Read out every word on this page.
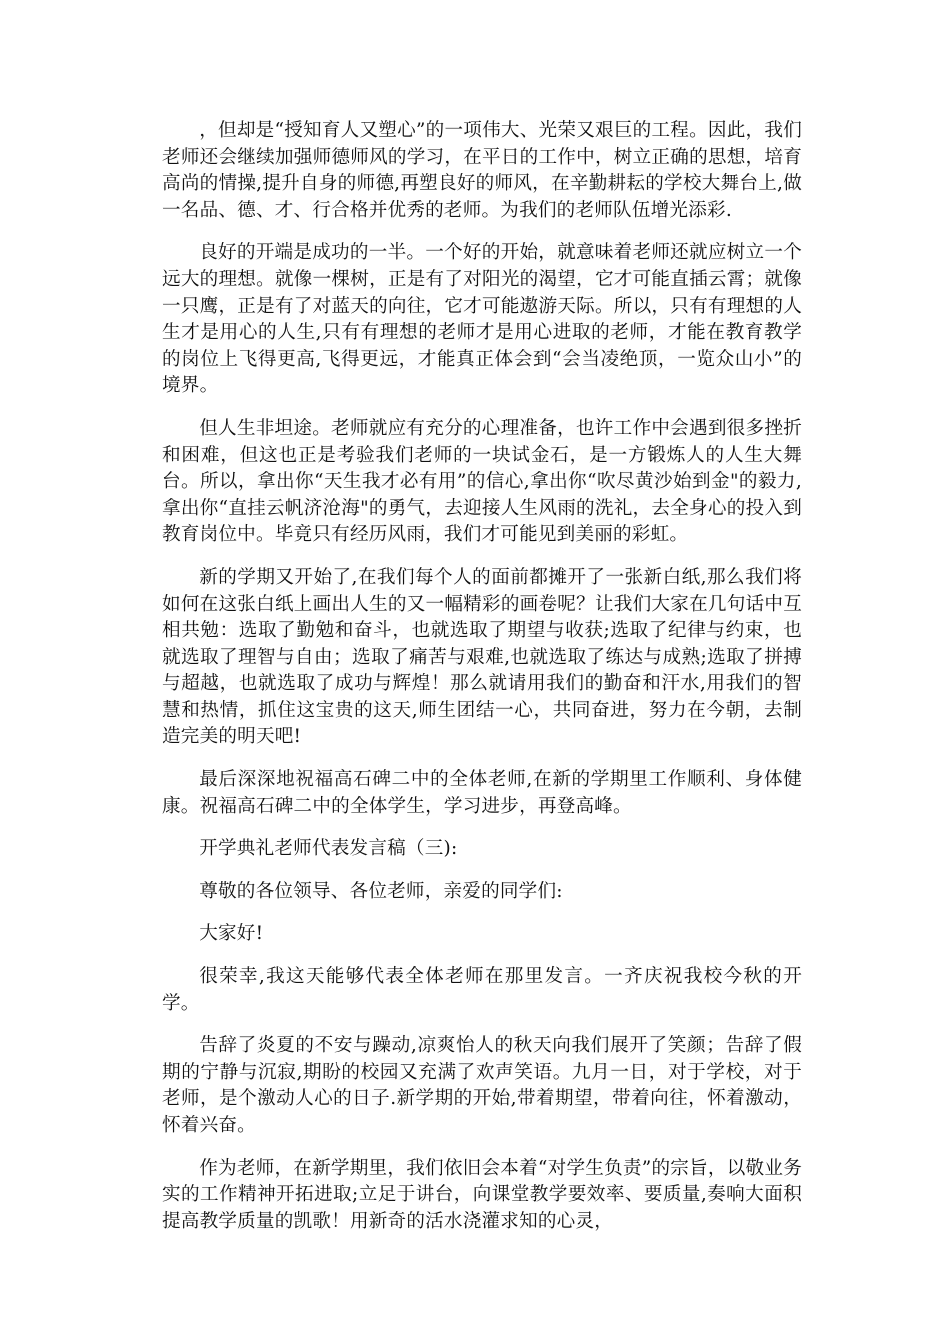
，但却是“授知育人又塑心”的一项伟大、光荣又艰巨的工程。因此，我们老师还会继续加强师德师风的学习，在平日的工作中，树立正确的思想，培育高尚的情操,提升自身的师德,再塑良好的师风，在辛勤耕耘的学校大舞台上,做一名品、德、才、行合格并优秀的老师。为我们的老师队伍增光添彩.

良好的开端是成功的一半。一个好的开始，就意味着老师还就应树立一个远大的理想。就像一棵树，正是有了对阳光的渴望，它才可能直插云霄；就像一只鹰，正是有了对蓝天的向往，它才可能遨游天际。所以，只有有理想的人生才是用心的人生,只有有理想的老师才是用心进取的老师，才能在教育教学的岗位上飞得更高,飞得更远，才能真正体会到“会当凌绝顶，一览众山小”的境界。

但人生非坦途。老师就应有充分的心理准备，也许工作中会遇到很多挫折和困难，但这也正是考验我们老师的一块试金石，是一方锻炼人的人生大舞台。所以，拿出你“天生我才必有用”的信心,拿出你“吹尽黄沙始到金"的毅力,拿出你“直挂云帆济沧海"的勇气，去迎接人生风雨的洗礼，去全身心的投入到教育岗位中。毕竟只有经历风雨，我们才可能见到美丽的彩虹。

新的学期又开始了,在我们每个人的面前都摊开了一张新白纸,那么我们将如何在这张白纸上画出人生的又一幅精彩的画卷呢？让我们大家在几句话中互相共勉：选取了勤勉和奋斗，也就选取了期望与收获;选取了纪律与约束，也就选取了理智与自由；选取了痛苦与艰难,也就选取了练达与成熟;选取了拼搏与超越，也就选取了成功与辉煌！那么就请用我们的勤奋和汗水,用我们的智慧和热情，抓住这宝贵的这天,师生团结一心，共同奋进，努力在今朝，去制造完美的明天吧!

最后深深地祝福高石碑二中的全体老师,在新的学期里工作顺利、身体健康。祝福高石碑二中的全体学生，学习进步，再登高峰。

开学典礼老师代表发言稿（三):

尊敬的各位领导、各位老师，亲爱的同学们:

大家好!

很荣幸,我这天能够代表全体老师在那里发言。一齐庆祝我校今秋的开学。

告辞了炎夏的不安与躁动,凉爽怡人的秋天向我们展开了笑颜；告辞了假期的宁静与沉寂,期盼的校园又充满了欢声笑语。九月一日，对于学校，对于老师，是个激动人心的日子.新学期的开始,带着期望，带着向往，怀着激动，怀着兴奋。

作为老师，在新学期里，我们依旧会本着“对学生负责”的宗旨，以敬业务实的工作精神开拓进取;立足于讲台，向课堂教学要效率、要质量,奏响大面积提高教学质量的凯歌！用新奇的活水浇灌求知的心灵，
